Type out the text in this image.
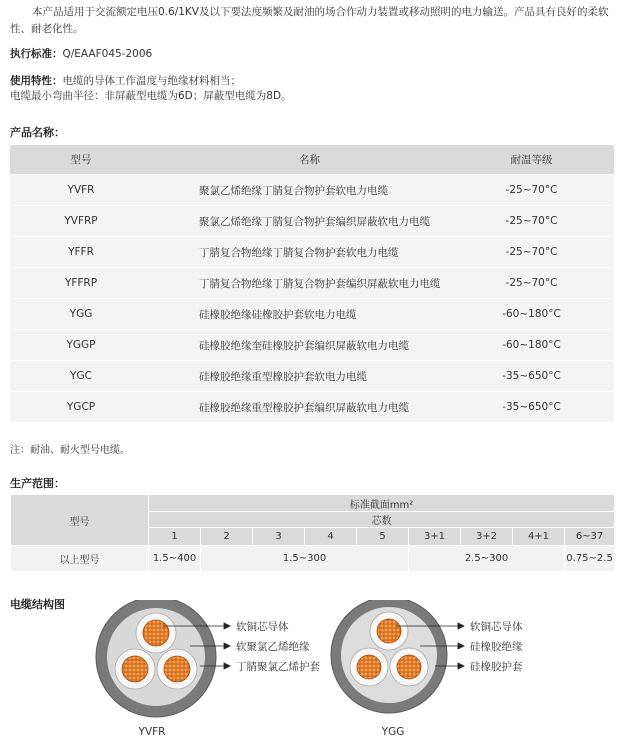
本产品适用于交流额定电压0.6/1KV及以下要法度频繁及耐油的场合作动力装置或移动照明的电力输送。产品具有良好的柔软性、耐老化性。
执行标准：Q/EAAF045-2006
使用特性：电缆的导体工作温度与绝缘材料相当；
电缆最小弯曲半径：非屏蔽型电缆为6D；屏蔽型电缆为8D。
产品名称：
型号	名称	耐温等级
YVFR	聚氯乙烯绝缘丁腈复合物护套软电力电缆	-25~70°C
YVFRP	聚氯乙烯绝缘丁腈复合物护套编织屏蔽软电力电缆	-25~70°C
YFFR	丁腈复合物绝缘丁腈复合物护套软电力电缆	-25~70°C
YFFRP	丁腈复合物绝缘丁腈复合物护套编织屏蔽软电力电缆	-25~70°C
YGG	硅橡胶绝缘硅橡胶护套软电力电缆	-60~180°C
YGGP	硅橡胶绝缘奎硅橡胶护套编织屏蔽软电力电缆	-60~180°C
YGC	硅橡胶绝缘重型橡胶护套软电力电缆	-35~650°C
YGCP	硅橡胶绝缘重型橡胶护套编织屏蔽软电力电缆	-35~650°C
注：耐油、耐火型号电缆。
生产范围：
型号	标准截面mm²								
	芯数								
	1	2	3	4	5	3+1	3+2	4+1	6~37
以上型号	1.5~400	1.5~300				2.5~300			0.75~2.5
电缆结构图
软铜芯导体
软聚氯乙烯绝缘
丁腈聚氯乙烯护套
YVFR
软铜芯导体
硅橡胶绝缘
硅橡胶护套
YGG
